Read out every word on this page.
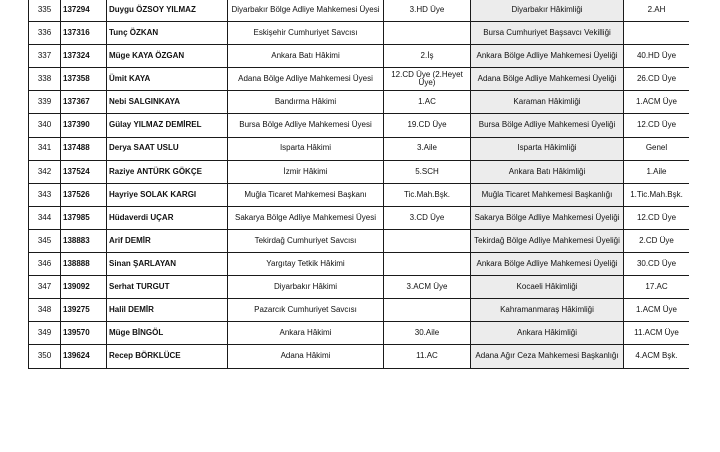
335	137294	Duygu ÖZSOY YILMAZ	Diyarbakır Bölge Adliye Mahkemesi Üyesi	3.HD Üye	Diyarbakır Hâkimliği	2.AH
336	137316	Tunç ÖZKAN	Eskişehir Cumhuriyet Savcısı		Bursa Cumhuriyet Başsavcı Vekilliği	
337	137324	Müge KAYA ÖZGAN	Ankara Batı Hâkimi	2.İş	Ankara Bölge Adliye Mahkemesi Üyeliği	40.HD Üye
338	137358	Ümit KAYA	Adana Bölge Adliye Mahkemesi Üyesi	12.CD Üye (2.Heyet Üye)	Adana Bölge Adliye Mahkemesi Üyeliği	26.CD Üye
339	137367	Nebi SALGINKAYA	Bandırma Hâkimi	1.AC	Karaman Hâkimliği	1.ACM Üye
340	137390	Gülay YILMAZ DEMİREL	Bursa Bölge Adliye Mahkemesi Üyesi	19.CD Üye	Bursa Bölge Adliye Mahkemesi Üyeliği	12.CD Üye
341	137488	Derya SAAT USLU	Isparta Hâkimi	3.Aile	Isparta Hâkimliği	Genel
342	137524	Raziye ANTÜRK GÖKÇE	İzmir Hâkimi	5.SCH	Ankara Batı Hâkimliği	1.Aile
343	137526	Hayriye SOLAK KARGI	Muğla Ticaret Mahkemesi Başkanı	Tic.Mah.Bşk.	Muğla Ticaret Mahkemesi Başkanlığı	1.Tic.Mah.Bşk.
344	137985	Hüdaverdi UÇAR	Sakarya Bölge Adliye Mahkemesi Üyesi	3.CD Üye	Sakarya Bölge Adliye Mahkemesi Üyeliği	12.CD Üye
345	138883	Arif DEMİR	Tekirdağ Cumhuriyet Savcısı		Tekirdağ Bölge Adliye Mahkemesi Üyeliği	2.CD Üye
346	138888	Sinan ŞARLAYAN	Yargıtay Tetkik Hâkimi		Ankara Bölge Adliye Mahkemesi Üyeliği	30.CD Üye
347	139092	Serhat TURGUT	Diyarbakır Hâkimi	3.ACM Üye	Kocaeli Hâkimliği	17.AC
348	139275	Halil DEMİR	Pazarcık Cumhuriyet Savcısı		Kahramanmaraş Hâkimliği	1.ACM Üye
349	139570	Müge BİNGÖL	Ankara Hâkimi	30.Aile	Ankara Hâkimliği	11.ACM Üye
350	139624	Recep BÖRKLÜCE	Adana Hâkimi	11.AC	Adana Ağır Ceza Mahkemesi Başkanlığı	4.ACM Bşk.
